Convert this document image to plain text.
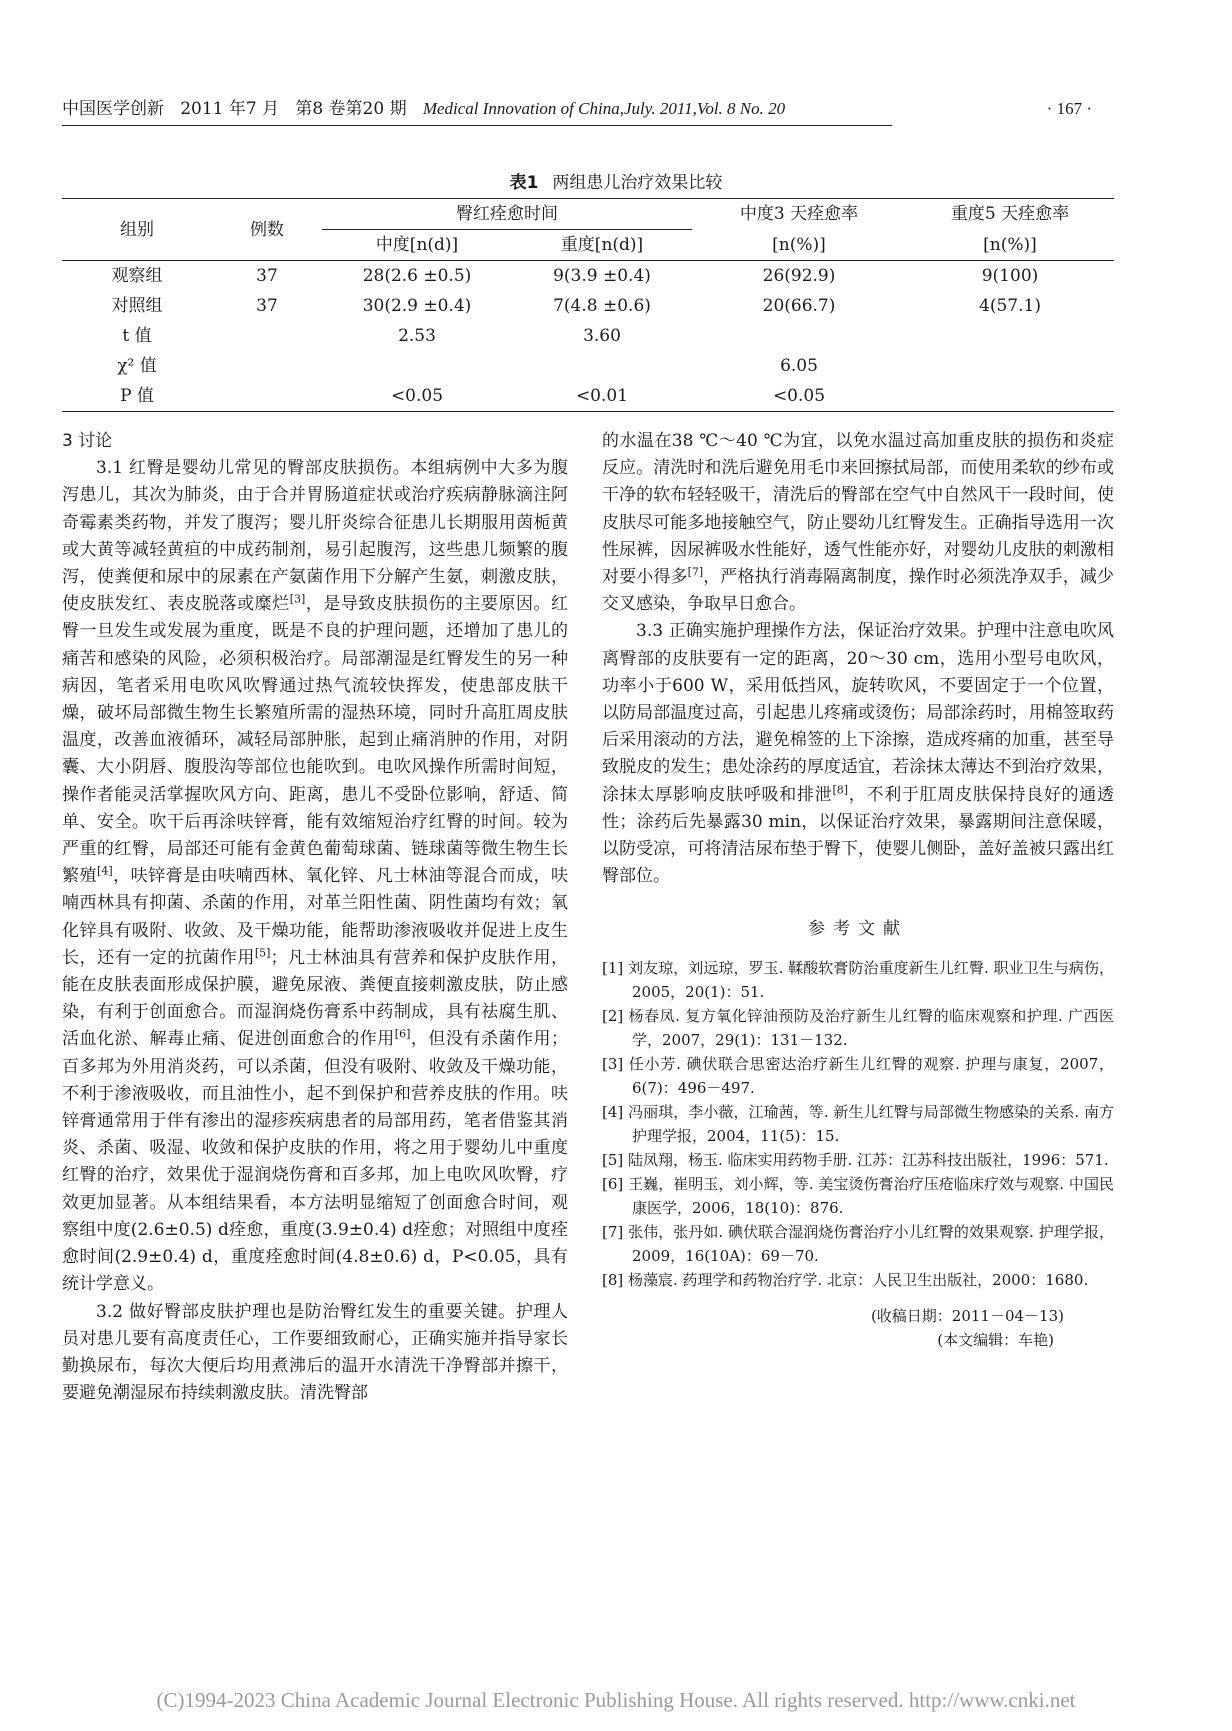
中国医学创新 2011 年7 月 第8 卷第20 期 Medical Innovation of China,July. 2011,Vol. 8 No. 20	· 167 ·
表1 两组患儿治疗效果比较
组别	例数	臀红痊愈时间		中度3 天痊愈率	重度5 天痊愈率
		中度[n(d)]	重度[n(d)]	[n(%)]	[n(%)]
观察组	37	28(2.6 ±0.5)	9(3.9 ±0.4)	26(92.9)	9(100)
对照组	37	30(2.9 ±0.4)	7(4.8 ±0.6)	20(66.7)	4(57.1)
t 值		2.53	3.60		
χ² 值				6.05	
P 值		<0.05	<0.01	<0.05	

3 讨论

3.1 红臀是婴幼儿常见的臀部皮肤损伤。本组病例中大多为腹泻患儿，其次为肺炎，由于合并胃肠道症状或治疗疾病静脉滴注阿奇霉素类药物，并发了腹泻；婴儿肝炎综合征患儿长期服用茵栀黄或大黄等减轻黄疸的中成药制剂，易引起腹泻，这些患儿频繁的腹泻，使粪便和尿中的尿素在产氨菌作用下分解产生氨，刺激皮肤，使皮肤发红、表皮脱落或糜烂[3]，是导致皮肤损伤的主要原因。红臀一旦发生或发展为重度，既是不良的护理问题，还增加了患儿的痛苦和感染的风险，必须积极治疗。局部潮湿是红臀发生的另一种病因，笔者采用电吹风吹臀通过热气流较快挥发，使患部皮肤干燥，破坏局部微生物生长繁殖所需的湿热环境，同时升高肛周皮肤温度，改善血液循环，减轻局部肿胀，起到止痛消肿的作用，对阴囊、大小阴唇、腹股沟等部位也能吹到。电吹风操作所需时间短，操作者能灵活掌握吹风方向、距离，患儿不受卧位影响，舒适、简单、安全。吹干后再涂呋锌膏，能有效缩短治疗红臀的时间。较为严重的红臀，局部还可能有金黄色葡萄球菌、链球菌等微生物生长繁殖[4]，呋锌膏是由呋喃西林、氧化锌、凡士林油等混合而成，呋喃西林具有抑菌、杀菌的作用，对革兰阳性菌、阴性菌均有效；氧化锌具有吸附、收敛、及干燥功能，能帮助渗液吸收并促进上皮生长，还有一定的抗菌作用[5]；凡士林油具有营养和保护皮肤作用，能在皮肤表面形成保护膜，避免尿液、粪便直接刺激皮肤，防止感染，有利于创面愈合。而湿润烧伤膏系中药制成，具有祛腐生肌、活血化淤、解毒止痛、促进创面愈合的作用[6]，但没有杀菌作用；百多邦为外用消炎药，可以杀菌，但没有吸附、收敛及干燥功能，不利于渗液吸收，而且油性小，起不到保护和营养皮肤的作用。呋锌膏通常用于伴有渗出的湿疹疾病患者的局部用药，笔者借鉴其消炎、杀菌、吸湿、收敛和保护皮肤的作用，将之用于婴幼儿中重度红臀的治疗，效果优于湿润烧伤膏和百多邦，加上电吹风吹臀，疗效更加显著。从本组结果看，本方法明显缩短了创面愈合时间，观察组中度(2.6±0.5) d痊愈，重度(3.9±0.4) d痊愈；对照组中度痊愈时间(2.9±0.4) d，重度痊愈时间(4.8±0.6) d，P<0.05，具有统计学意义。

3.2 做好臀部皮肤护理也是防治臀红发生的重要关键。护理人员对患儿要有高度责任心，工作要细致耐心，正确实施并指导家长勤换尿布，每次大便后均用煮沸后的温开水清洗干净臀部并擦干，要避免潮湿尿布持续刺激皮肤。清洗臀部

的水温在38 ℃～40 ℃为宜，以免水温过高加重皮肤的损伤和炎症反应。清洗时和洗后避免用毛巾来回擦拭局部，而使用柔软的纱布或干净的软布轻轻吸干，清洗后的臀部在空气中自然风干一段时间，使皮肤尽可能多地接触空气，防止婴幼儿红臀发生。正确指导选用一次性尿裤，因尿裤吸水性能好，透气性能亦好，对婴幼儿皮肤的刺激相对要小得多[7]，严格执行消毒隔离制度，操作时必须洗净双手，减少交叉感染，争取早日愈合。

3.3 正确实施护理操作方法，保证治疗效果。护理中注意电吹风离臀部的皮肤要有一定的距离，20～30 cm，选用小型号电吹风，功率小于600 W，采用低挡风，旋转吹风，不要固定于一个位置，以防局部温度过高，引起患儿疼痛或烫伤；局部涂药时，用棉签取药后采用滚动的方法，避免棉签的上下涂擦，造成疼痛的加重，甚至导致脱皮的发生；患处涂药的厚度适宜，若涂抹太薄达不到治疗效果，涂抹太厚影响皮肤呼吸和排泄[8]，不利于肛周皮肤保持良好的通透性；涂药后先暴露30 min，以保证治疗效果，暴露期间注意保暖，以防受凉，可将清洁尿布垫于臀下，使婴儿侧卧，盖好盖被只露出红臀部位。

参考文献

[1] 刘友琼，刘远琼，罗玉. 鞣酸软膏防治重度新生儿红臀. 职业卫生与病伤，2005，20(1)：51.

[2] 杨春凤. 复方氧化锌油预防及治疗新生儿红臀的临床观察和护理. 广西医学，2007，29(1)：131－132.

[3] 任小芳. 碘伏联合思密达治疗新生儿红臀的观察. 护理与康复，2007，6(7)：496－497.

[4] 冯丽琪，李小薇，江瑜茜，等. 新生儿红臀与局部微生物感染的关系. 南方护理学报，2004，11(5)：15.

[5] 陆凤翔，杨玉. 临床实用药物手册. 江苏：江苏科技出版社，1996：571.

[6] 王巍，崔明玉，刘小辉，等. 美宝烫伤膏治疗压疮临床疗效与观察. 中国民康医学，2006，18(10)：876.

[7] 张伟，张丹如. 碘伏联合湿润烧伤膏治疗小儿红臀的效果观察. 护理学报，2009，16(10A)：69－70.

[8] 杨藻宸. 药理学和药物治疗学. 北京：人民卫生出版社，2000：1680.

(收稿日期：2011－04－13)
(本文编辑：车艳)
(C)1994-2023 China Academic Journal Electronic Publishing House. All rights reserved. http://www.cnki.net
